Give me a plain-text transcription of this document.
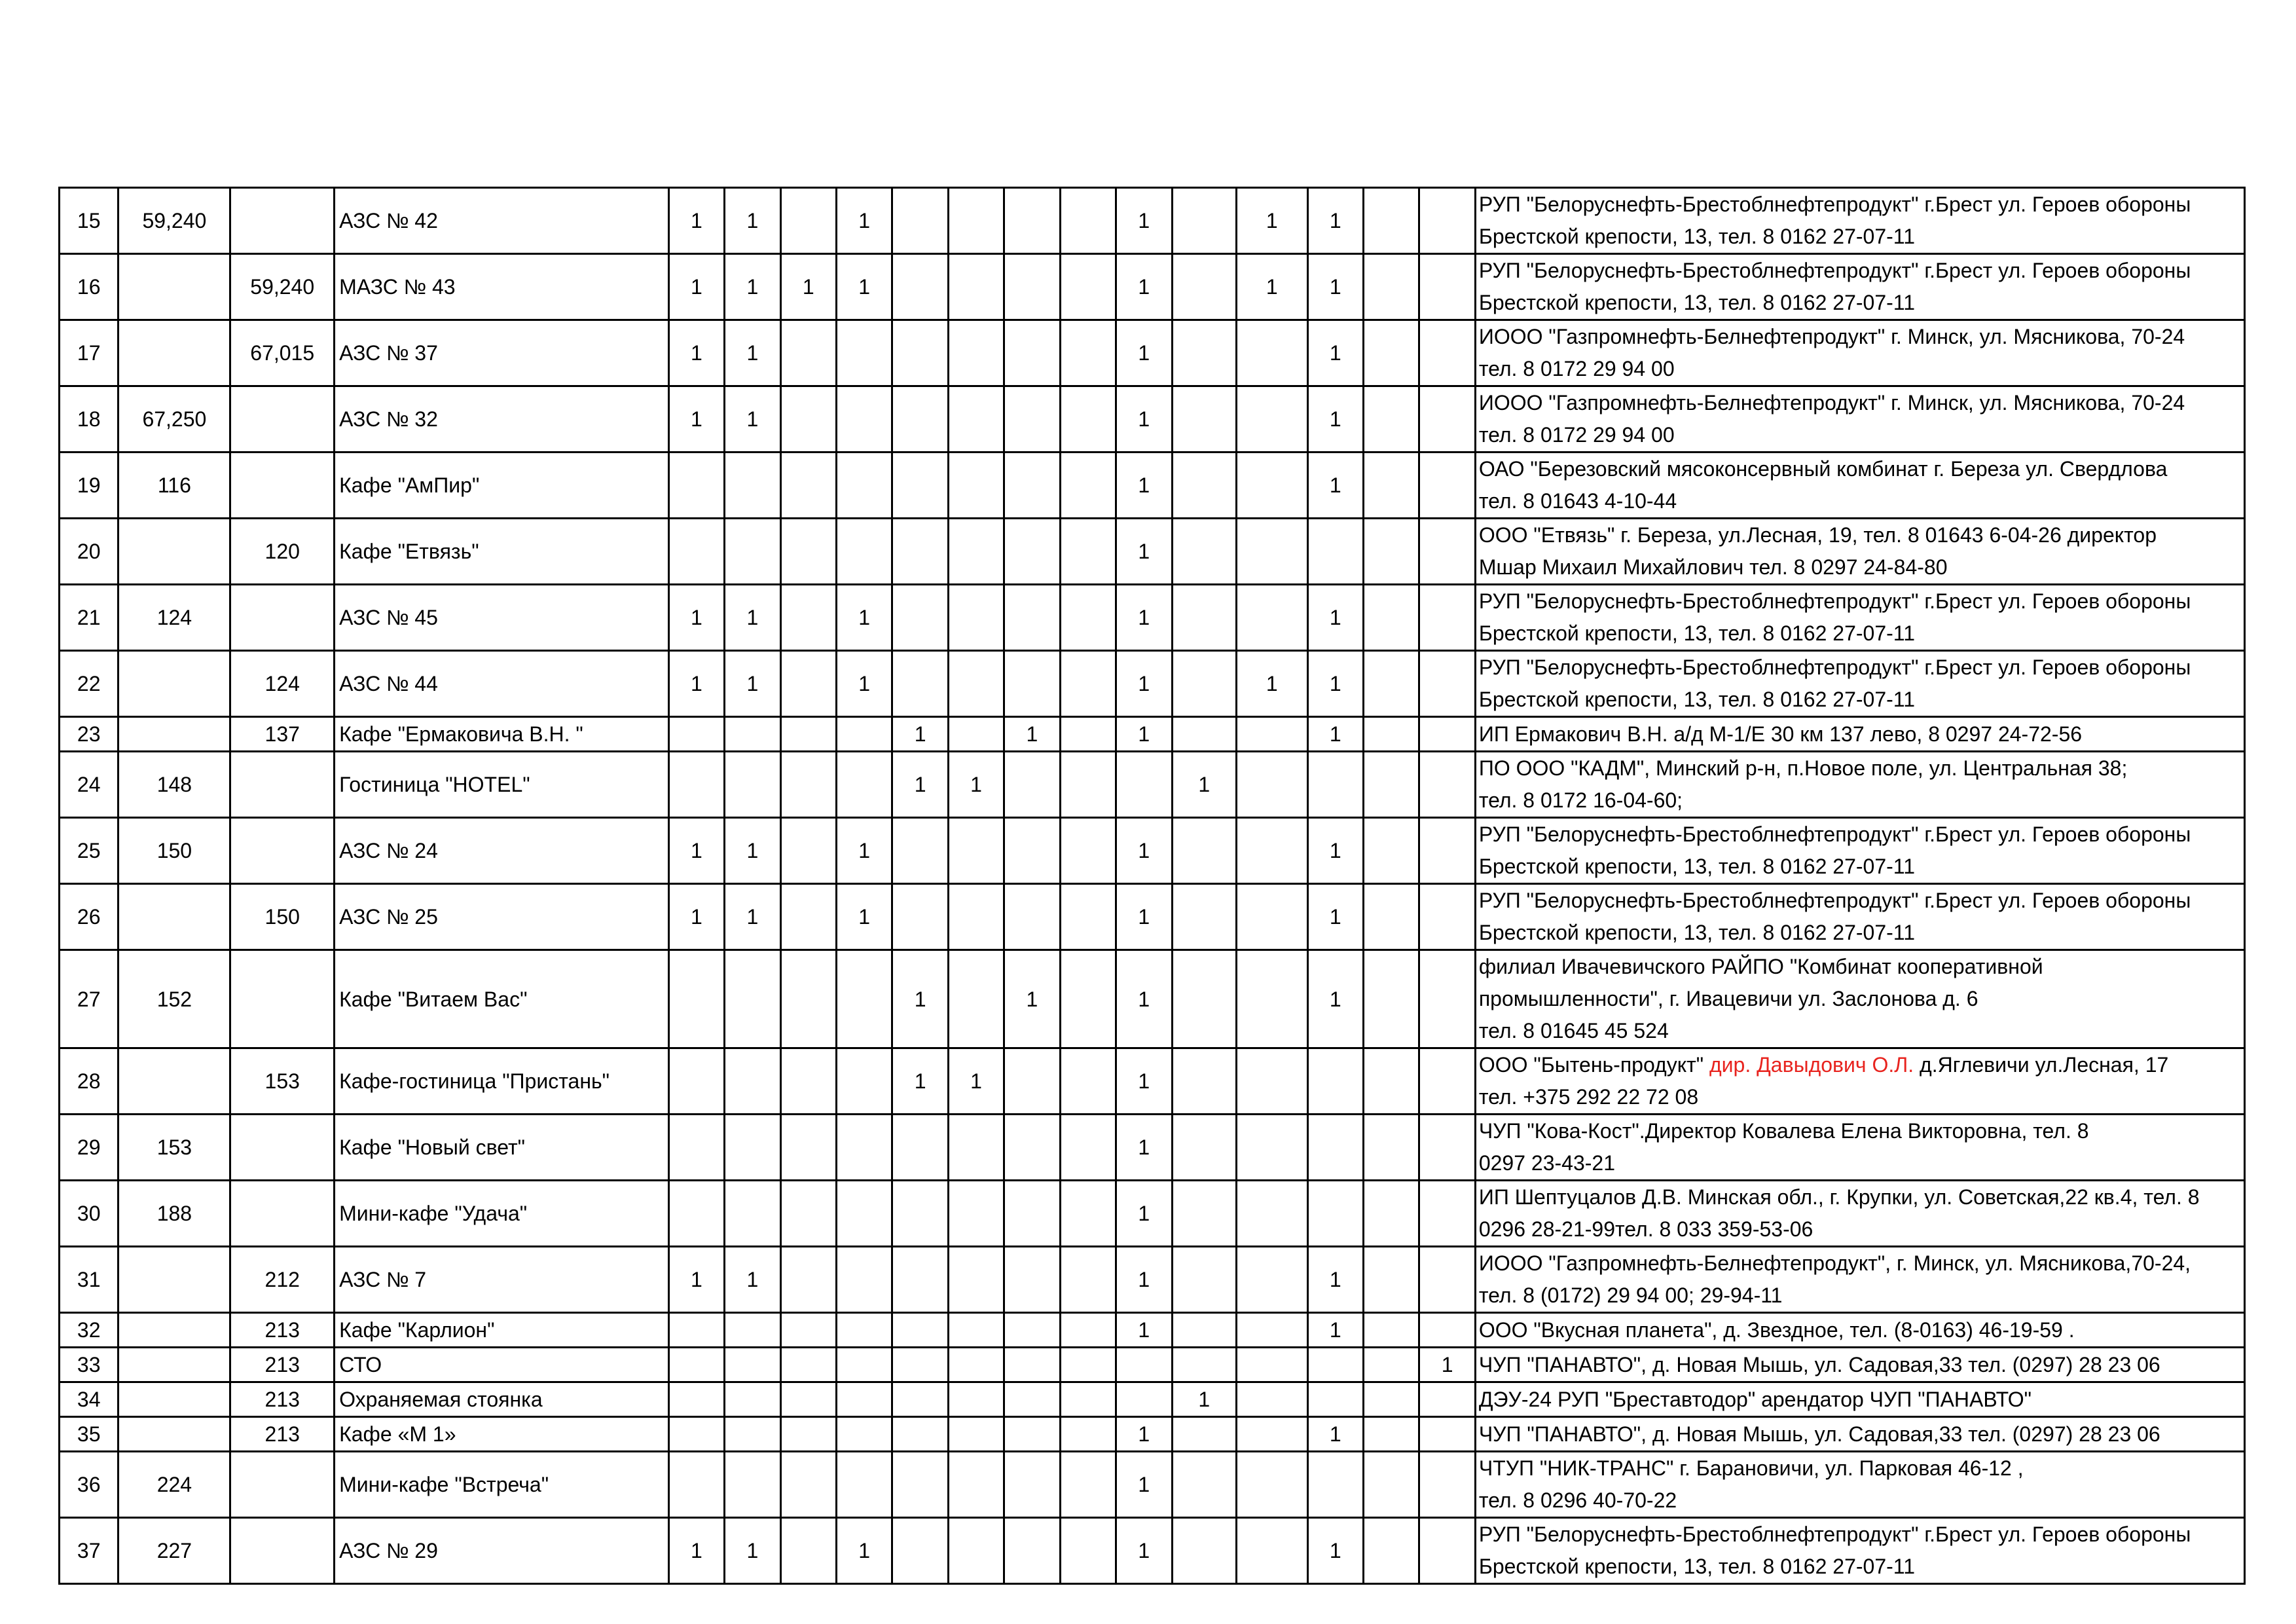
15	59,240		АЗС № 42	1	1		1					1		1	1			РУП "Белоруснефть-Брестоблнефтепродукт" г.Брест ул. Героев обороны
Брестской крепости, 13, тел. 8 0162 27-07-11

16		59,240	МАЗС № 43	1	1	1	1					1		1	1			РУП "Белоруснефть-Брестоблнефтепродукт" г.Брест ул. Героев обороны
Брестской крепости, 13, тел. 8 0162 27-07-11

17		67,015	АЗС № 37	1	1							1			1			ИООО "Газпромнефть-Белнефтепродукт" г. Минск, ул. Мясникова, 70-24
тел. 8 0172 29 94 00

18	67,250		АЗС № 32	1	1							1			1			ИООО "Газпромнефть-Белнефтепродукт" г. Минск, ул. Мясникова, 70-24
тел. 8 0172 29 94 00

19	116		Кафе "АмПир"									1			1			ОАО "Березовский мясоконсервный комбинат г. Береза ул. Свердлова
тел. 8 01643 4-10-44

20		120	Кафе "Етвязь"									1						ООО "Етвязь" г. Береза, ул.Лесная, 19, тел. 8 01643 6-04-26 директор
Мшар Михаил Михайлович тел. 8 0297 24-84-80

21	124		АЗС № 45	1	1		1					1			1			РУП "Белоруснефть-Брестоблнефтепродукт" г.Брест ул. Героев обороны
Брестской крепости, 13, тел. 8 0162 27-07-11

22		124	АЗС № 44	1	1		1					1		1	1			РУП "Белоруснефть-Брестоблнефтепродукт" г.Брест ул. Героев обороны
Брестской крепости, 13, тел. 8 0162 27-07-11

23		137	Кафе "Ермаковича В.Н. "					1		1		1			1			ИП Ермакович В.Н. а/д М-1/Е 30 км 137 лево, 8 0297 24-72-56

24	148		Гостиница "HOTEL"					1	1				1					ПО ООО "КАДМ", Минский р-н, п.Новое поле, ул. Центральная 38;
тел. 8 0172 16-04-60;

25	150		АЗС № 24	1	1		1					1			1			РУП "Белоруснефть-Брестоблнефтепродукт" г.Брест ул. Героев обороны
Брестской крепости, 13, тел. 8 0162 27-07-11

26		150	АЗС № 25	1	1		1					1			1			РУП "Белоруснефть-Брестоблнефтепродукт" г.Брест ул. Героев обороны
Брестской крепости, 13, тел. 8 0162 27-07-11

27	152		Кафе "Витаем Вас"					1		1		1			1			филиал Ивачевичского РАЙПО "Комбинат кооперативной
промышленности", г. Ивацевичи ул. Заслонова д. 6
тел. 8 01645 45 524

28		153	Кафе-гостиница "Пристань"					1	1			1						ООО "Бытень-продукт" дир. Давыдович О.Л. д.Яглевичи ул.Лесная, 17
тел. +375 292 22 72 08

29	153		Кафе "Новый свет"									1						ЧУП "Кова-Кост".Директор Ковалева Елена Викторовна, тел. 8
0297 23-43-21

30	188		Мини-кафе "Удача"									1						ИП Шептуцалов Д.В. Минская обл., г. Крупки, ул. Советская,22 кв.4, тел. 8
0296 28-21-99тел. 8 033 359-53-06

31		212	АЗС № 7	1	1							1			1			ИООО "Газпромнефть-Белнефтепродукт", г. Минск, ул. Мясникова,70-24,
тел. 8 (0172) 29 94 00; 29-94-11

32		213	Кафе "Карлион"									1			1			ООО "Вкусная планета", д. Звездное, тел. (8-0163) 46-19-59 .

33		213	СТО														1	ЧУП "ПАНАВТО", д. Новая Мышь, ул. Садовая,33 тел. (0297) 28 23 06

34		213	Охраняемая стоянка										1					ДЭУ-24 РУП "Бреставтодор" арендатор ЧУП "ПАНАВТО"

35		213	Кафе «М 1»									1			1			ЧУП "ПАНАВТО", д. Новая Мышь, ул. Садовая,33 тел. (0297) 28 23 06

36	224		Мини-кафе "Встреча"									1						ЧТУП "НИК-ТРАНС" г. Барановичи, ул. Парковая 46-12 ,
тел. 8 0296 40-70-22

37	227		АЗС № 29	1	1		1					1			1			РУП "Белоруснефть-Брестоблнефтепродукт" г.Брест ул. Героев обороны
Брестской крепости, 13, тел. 8 0162 27-07-11
